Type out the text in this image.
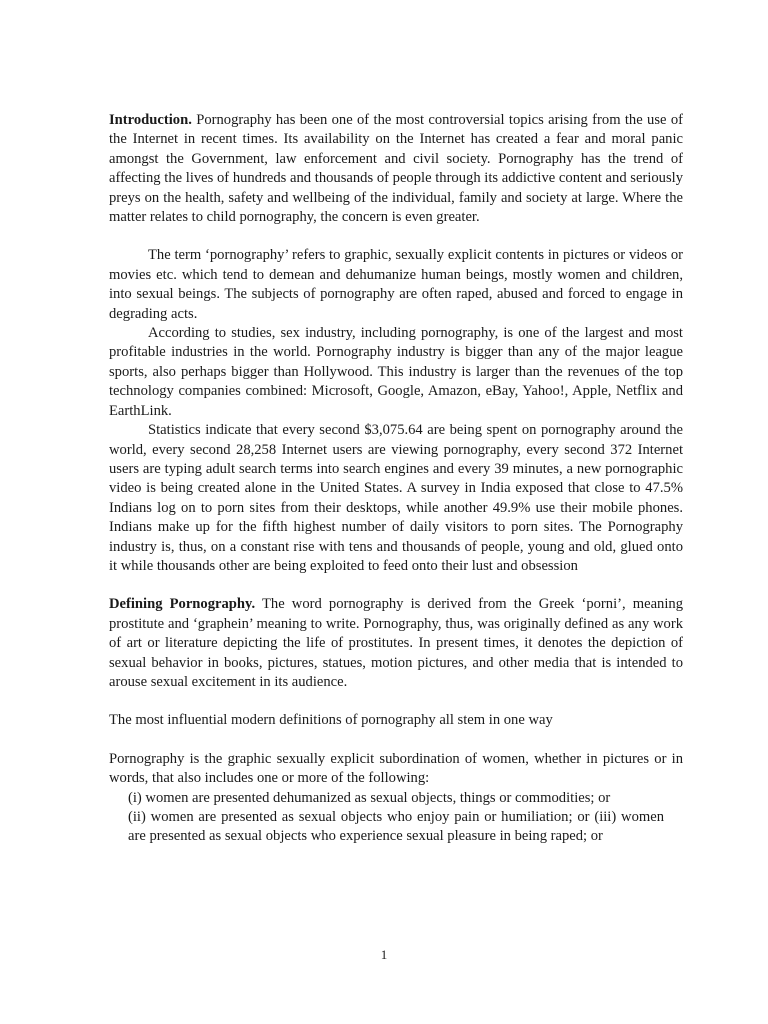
Introduction. Pornography has been one of the most controversial topics arising from the use of the Internet in recent times. Its availability on the Internet has created a fear and moral panic amongst the Government, law enforcement and civil society. Pornography has the trend of affecting the lives of hundreds and thousands of people through its addictive content and seriously preys on the health, safety and wellbeing of the individual, family and society at large. Where the matter relates to child pornography, the concern is even greater.

The term ‘pornography’ refers to graphic, sexually explicit contents in pictures or videos or movies etc. which tend to demean and dehumanize human beings, mostly women and children, into sexual beings. The subjects of pornography are often raped, abused and forced to engage in degrading acts.

According to studies, sex industry, including pornography, is one of the largest and most profitable industries in the world. Pornography industry is bigger than any of the major league sports, also perhaps bigger than Hollywood. This industry is larger than the revenues of the top technology companies combined: Microsoft, Google, Amazon, eBay, Yahoo!, Apple, Netflix and EarthLink.

Statistics indicate that every second $3,075.64 are being spent on pornography around the world, every second 28,258 Internet users are viewing pornography, every second 372 Internet users are typing adult search terms into search engines and every 39 minutes, a new pornographic video is being created alone in the United States. A survey in India exposed that close to 47.5% Indians log on to porn sites from their desktops, while another 49.9% use their mobile phones. Indians make up for the fifth highest number of daily visitors to porn sites. The Pornography industry is, thus, on a constant rise with tens and thousands of people, young and old, glued onto it while thousands other are being exploited to feed onto their lust and obsession

Defining Pornography. The word pornography is derived from the Greek ‘porni’, meaning prostitute and ‘graphein’ meaning to write. Pornography, thus, was originally defined as any work of art or literature depicting the life of prostitutes. In present times, it denotes the depiction of sexual behavior in books, pictures, statues, motion pictures, and other media that is intended to arouse sexual excitement in its audience.

The most influential modern definitions of pornography all stem in one way

Pornography is the graphic sexually explicit subordination of women, whether in pictures or in words, that also includes one or more of the following:

(i) women are presented dehumanized as sexual objects, things or commodities; or

(ii) women are presented as sexual objects who enjoy pain or humiliation; or (iii) women are presented as sexual objects who experience sexual pleasure in being raped; or

1
